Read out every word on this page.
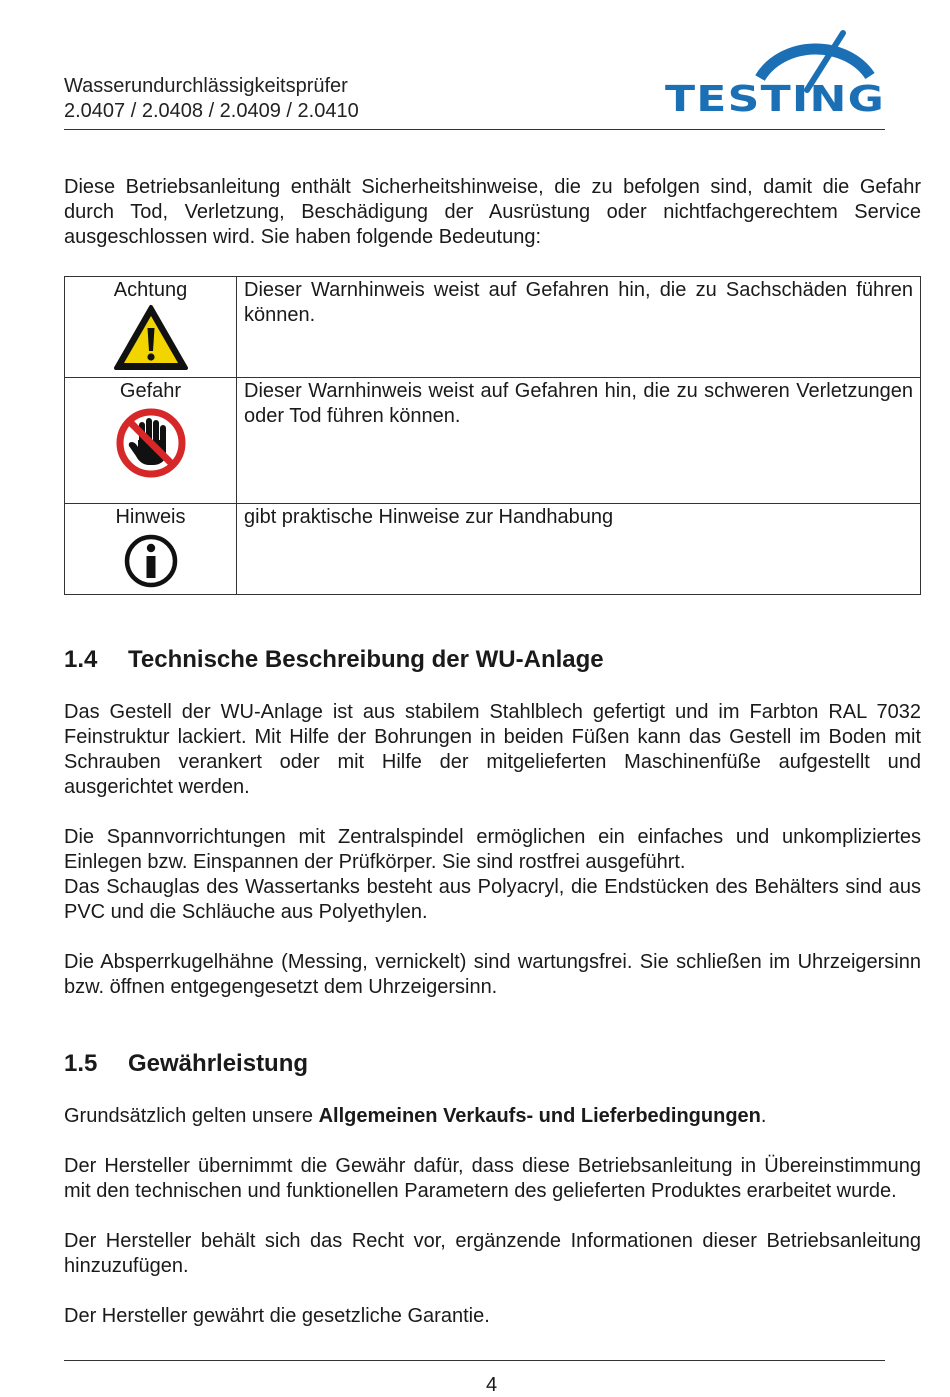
Wasserundurchlässigkeitsprüfer
2.0407 / 2.0408 / 2.0409 / 2.0410	TESTING
Diese Betriebsanleitung enthält Sicherheitshinweise, die zu befolgen sind, damit die Gefahr durch Tod, Verletzung, Beschädigung der Ausrüstung oder nichtfachgerechtem Service ausgeschlossen wird. Sie haben folgende Bedeutung:
Achtung	Dieser Warnhinweis weist auf Gefahren hin, die zu Sachschäden führen können.

Gefahr	Dieser Warnhinweis weist auf Gefahren hin, die zu schweren Verletzungen oder Tod führen können.

Hinweis	gibt praktische Hinweise zur Handhabung
1.4 Technische Beschreibung der WU-Anlage
Das Gestell der WU-Anlage ist aus stabilem Stahlblech gefertigt und im Farbton RAL 7032 Feinstruktur lackiert. Mit Hilfe der Bohrungen in beiden Füßen kann das Gestell im Boden mit Schrauben verankert oder mit Hilfe der mitgelieferten Maschinenfüße aufgestellt und ausgerichtet werden.
Die Spannvorrichtungen mit Zentralspindel ermöglichen ein einfaches und unkompliziertes Einlegen bzw. Einspannen der Prüfkörper. Sie sind rostfrei ausgeführt.
Das Schauglas des Wassertanks besteht aus Polyacryl, die Endstücken des Behälters sind aus PVC und die Schläuche aus Polyethylen.
Die Absperrkugelhähne (Messing, vernickelt) sind wartungsfrei. Sie schließen im Uhrzeigersinn bzw. öffnen entgegengesetzt dem Uhrzeigersinn.
1.5 Gewährleistung
Grundsätzlich gelten unsere Allgemeinen Verkaufs- und Lieferbedingungen.
Der Hersteller übernimmt die Gewähr dafür, dass diese Betriebsanleitung in Übereinstimmung mit den technischen und funktionellen Parametern des gelieferten Produktes erarbeitet wurde.
Der Hersteller behält sich das Recht vor, ergänzende Informationen dieser Betriebsanleitung hinzuzufügen.
Der Hersteller gewährt die gesetzliche Garantie.
4
